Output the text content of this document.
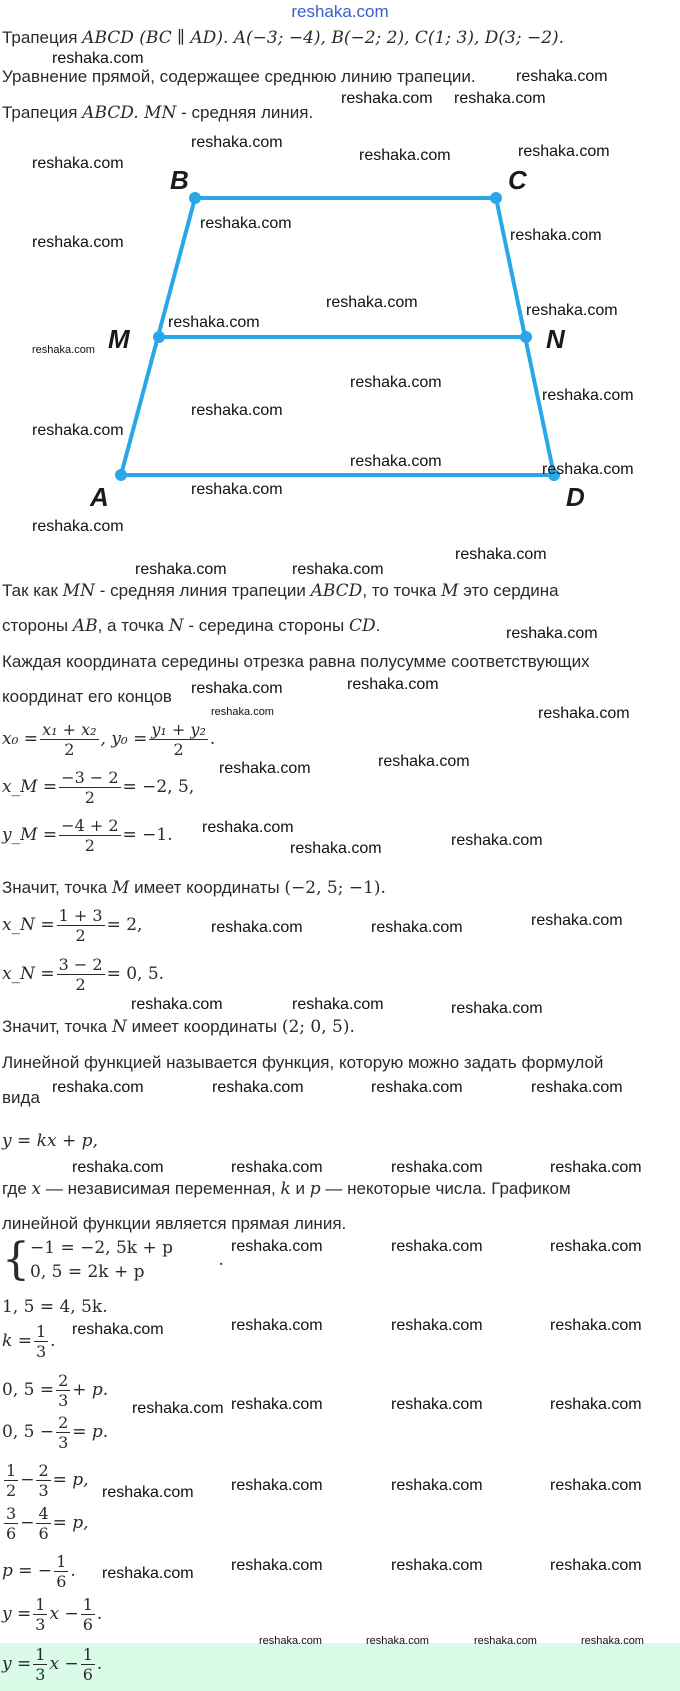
reshaka.com
Трапеция ABCD (BC ∥ AD). A(−3; −4), B(−2; 2), C(1; 3), D(3; −2).
Уравнение прямой, содержащее среднюю линию трапеции.
Трапеция ABCD. MN - средняя линия.
B	C
M	N
A	D
Так как MN - средняя линия трапеции ABCD, то точка M это сердина
стороны AB, а точка N - середина стороны CD.
Каждая координата середины отрезка равна полусумме соответствующих
координат его концов
$x_0 = \frac{\text{x₁ + x₂}}{2}$ , $y_0 = \frac{\text{y₁ + y₂}}{2}$ .
x_M = $\frac{-3 - 2}{2} = -2$, 5,
y_M = $\frac{-4 + 2}{2} = -1$.
Значит, точка M имеет координаты (−2, 5; −1).
x_N = $\frac{1 + 3}{2} = 2$,
x_N = $\frac{3 - 2}{2} = 0$, 5.
Значит, точка N имеет координаты (2; 0, 5).
Линейной функцией называется функция, которую можно задать формулой
вида
y = kx + p,
где x — независимая переменная, k и p — некоторые числа. Графиком
линейной функции является прямая линия.
{ −1 = −2, 5k + p
0, 5 = 2k + p
.
1, 5 = 4, 5k.
$k = \frac{1}{3}$ .
0, $5 = \frac{2}{3} + p$.
0, $5 - \frac{2}{3} = p$.
$\frac{1}{2} - \frac{2}{3} = p$,
$\frac{3}{6} - \frac{4}{6} = p$,
p = − $\frac{1}{6}$ .
$y = \frac{1}{3}$ $x - \frac{1}{6}$ .
$y = \frac{1}{3}$ $x - \frac{1}{6}$ .
reshaka.com
reshaka.com reshaka.com
reshaka.com
reshaka.com
reshaka.com	reshaka.com	reshaka.com
reshaka.com
reshaka.com
reshaka.com
reshaka.com
reshaka.com	reshaka.com
reshaka.com
reshaka.com
reshaka.com
reshaka.com
reshaka.com
reshaka.com	reshaka.com
reshaka.com
reshaka.com
reshaka.com
reshaka.com
reshaka.com
reshaka.com
reshaka.com
reshaka.com
reshaka.com
reshaka.com
reshaka.com
reshaka.com
reshaka.com	reshaka.com
reshaka.com
reshaka.com
reshaka.com	reshaka.com
reshaka.com	reshaka.com	reshaka.com
reshaka.com	reshaka.com	reshaka.com	reshaka.com
reshaka.com	reshaka.com	reshaka.com	reshaka.com
reshaka.com	reshaka.com	reshaka.com
reshaka.com	reshaka.com	reshaka.com	reshaka.com
reshaka.com reshaka.com	reshaka.com	reshaka.com
reshaka.com reshaka.com	reshaka.com	reshaka.com
reshaka.com reshaka.com	reshaka.com	reshaka.com
reshaka.com	reshaka.com	reshaka.com	reshaka.com
